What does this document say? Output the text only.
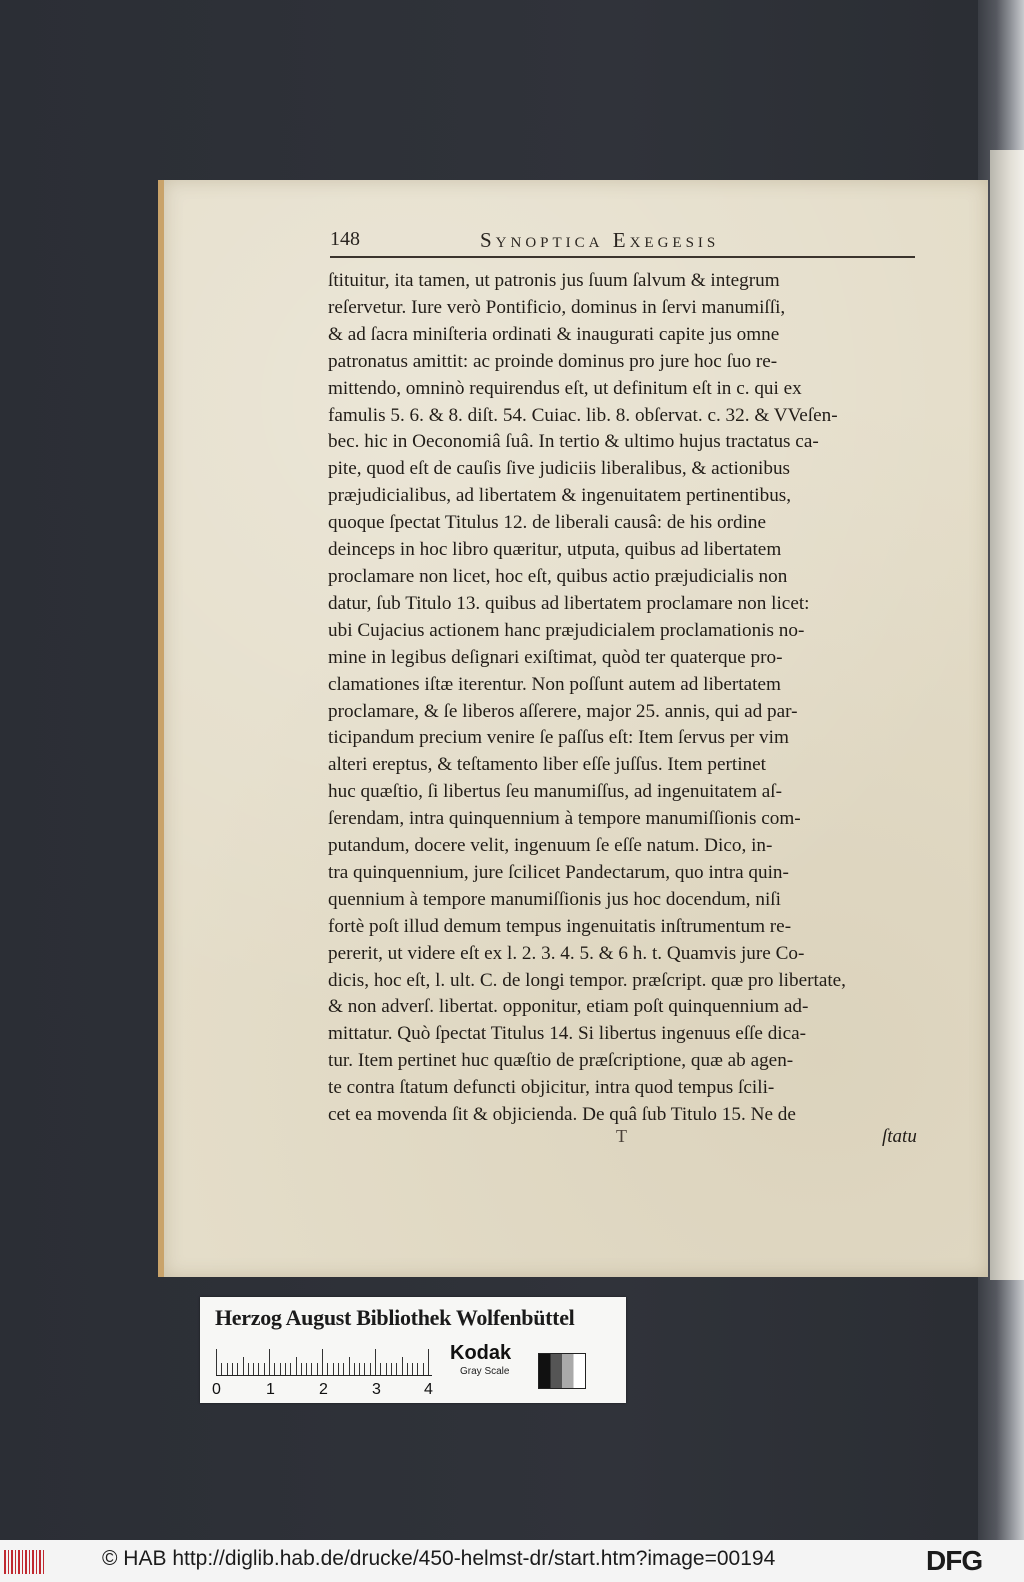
148	Synoptica Exegesis
ſtituitur, ita tamen, ut patronis jus ſuum ſalvum & integrum
reſervetur. Iure verò Pontificio, dominus in ſervi manumiſſi,
& ad ſacra miniſteria ordinati & inaugurati capite jus omne
patronatus amittit: ac proinde dominus pro jure hoc ſuo re-
mittendo, omninò requirendus eſt, ut definitum eſt in c. qui ex
famulis 5. 6. & 8. diſt. 54. Cuiac. lib. 8. obſervat. c. 32. & VVeſen-
bec. hic in Oeconomiâ ſuâ. In tertio & ultimo hujus tractatus ca-
pite, quod eſt de cauſis ſive judiciis liberalibus, & actionibus
præjudicialibus, ad libertatem & ingenuitatem pertinentibus,
quoque ſpectat Titulus 12. de liberali causâ: de his ordine
deinceps in hoc libro quæritur, utputa, quibus ad libertatem
proclamare non licet, hoc eſt, quibus actio præjudicialis non
datur, ſub Titulo 13. quibus ad libertatem proclamare non licet:
ubi Cujacius actionem hanc præjudicialem proclamationis no-
mine in legibus deſignari exiſtimat, quòd ter quaterque pro-
clamationes iſtæ iterentur. Non poſſunt autem ad libertatem
proclamare, & ſe liberos aſſerere, major 25. annis, qui ad par-
ticipandum precium venire ſe paſſus eſt: Item ſervus per vim
alteri ereptus, & teſtamento liber eſſe juſſus. Item pertinet
huc quæſtio, ſi libertus ſeu manumiſſus, ad ingenuitatem aſ-
ſerendam, intra quinquennium à tempore manumiſſionis com-
putandum, docere velit, ingenuum ſe eſſe natum. Dico, in-
tra quinquennium, jure ſcilicet Pandectarum, quo intra quin-
quennium à tempore manumiſſionis jus hoc docendum, niſi
fortè poſt illud demum tempus ingenuitatis inſtrumentum re-
pererit, ut videre eſt ex l. 2. 3. 4. 5. & 6 h. t. Quamvis jure Co-
dicis, hoc eſt, l. ult. C. de longi tempor. præſcript. quæ pro libertate,
& non adverſ. libertat. opponitur, etiam poſt quinquennium ad-
mittatur. Quò ſpectat Titulus 14. Si libertus ingenuus eſſe dica-
tur. Item pertinet huc quæſtio de præſcriptione, quæ ab agen-
te contra ſtatum defuncti objicitur, intra quod tempus ſcili-
cet ea movenda ſit & objicienda. De quâ ſub Titulo 15. Ne de
T	ſtatu
Herzog August Bibliothek Wolfenbüttel
0	1	2	3	4
Kodak
Gray Scale
© HAB http://diglib.hab.de/drucke/450-helmst-dr/start.htm?image=00194	DFG
